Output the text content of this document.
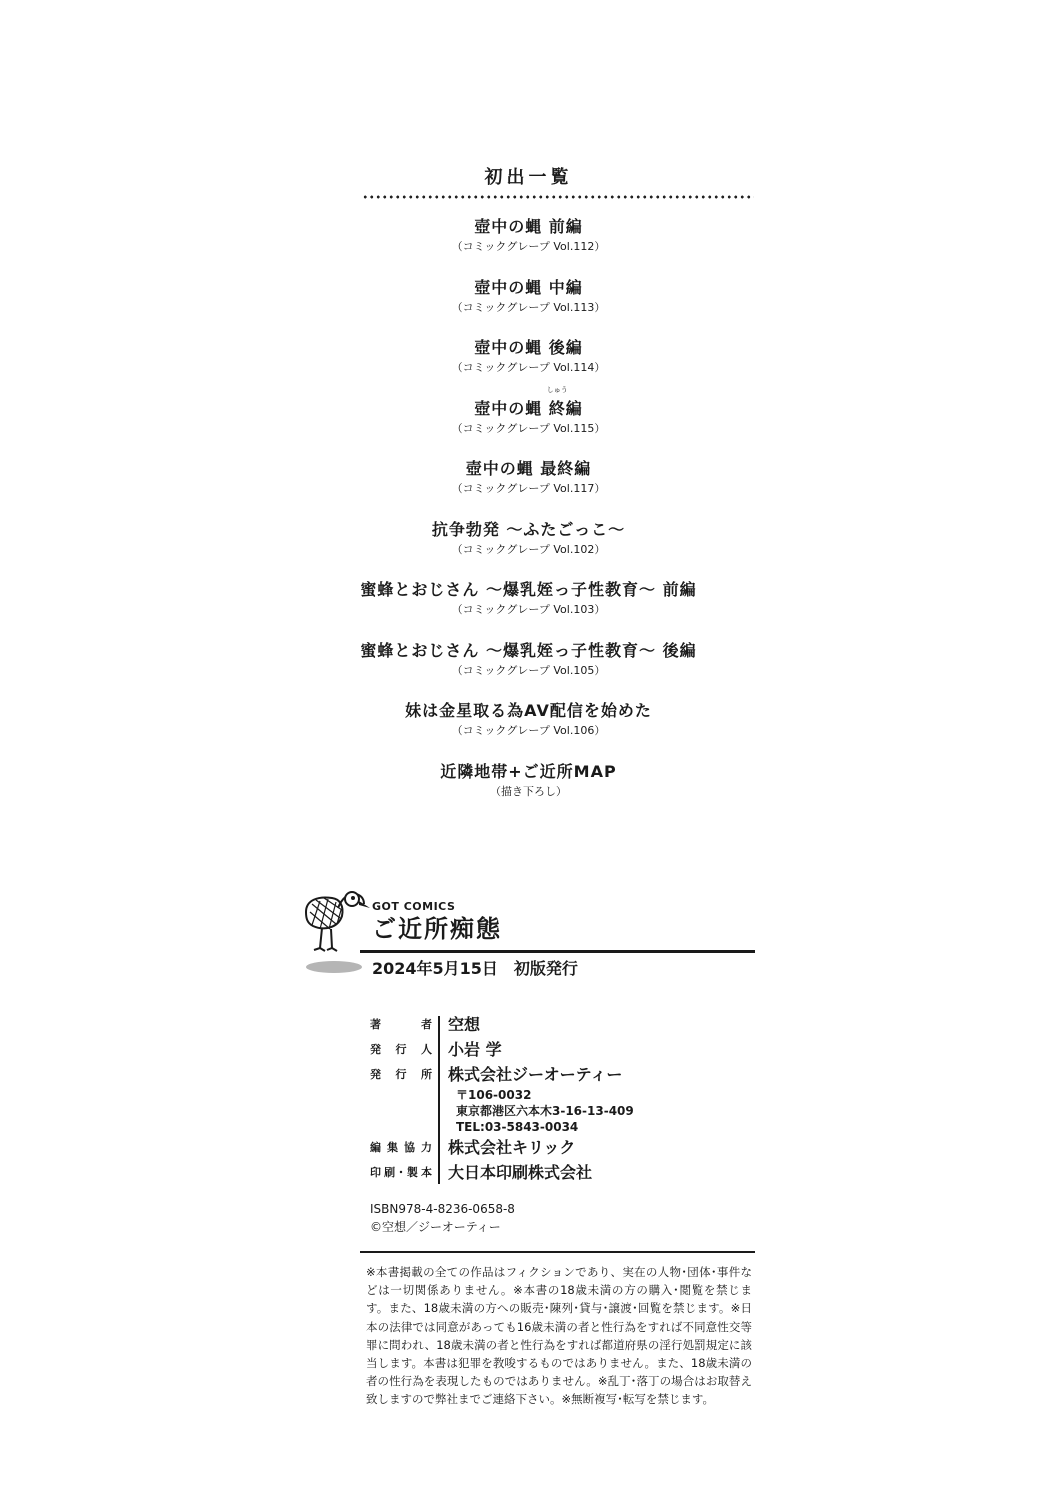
初出一覧
壺中の蝿 前編
（コミックグレープ Vol.112）
壺中の蝿 中編
（コミックグレープ Vol.113）
壺中の蝿 後編
（コミックグレープ Vol.114）
壺中の蝿
しゅう
終編
（コミックグレープ Vol.115）
壺中の蝿 最終編
（コミックグレープ Vol.117）
抗争勃発 ～ふたごっこ～
（コミックグレープ Vol.102）
蜜蜂とおじさん ～爆乳姪っ子性教育～ 前編
（コミックグレープ Vol.103）
蜜蜂とおじさん ～爆乳姪っ子性教育～ 後編
（コミックグレープ Vol.105）
妹は金星取る為AV配信を始めた
（コミックグレープ Vol.106）
近隣地帯+ご近所MAP
（描き下ろし）
GOT COMICS
ご近所痴態
2024年5月15日　初版発行
著者 空想
発行人 小岩 学
発行所 株式会社ジーオーティー
〒106-0032
東京都港区六本木3-16-13-409
TEL:03-5843-0034
編集協力 株式会社キリック
印刷･製本 大日本印刷株式会社
ISBN978-4-8236-0658-8
©空想／ジーオーティー
※本書掲載の全ての作品はフィクションであり、実在の人物･団体･事件などは一切関係ありません。※本書の18歳未満の方の購入･閲覧を禁じます。また、18歳未満の方への販売･陳列･貸与･譲渡･回覧を禁じます。※日本の法律では同意があっても16歳未満の者と性行為をすれば不同意性交等罪に問われ、18歳未満の者と性行為をすれば都道府県の淫行処罰規定に該当します。本書は犯罪を教唆するものではありません。また、18歳未満の者の性行為を表現したものではありません。※乱丁･落丁の場合はお取替え致しますので弊社までご連絡下さい。※無断複写･転写を禁じます。
